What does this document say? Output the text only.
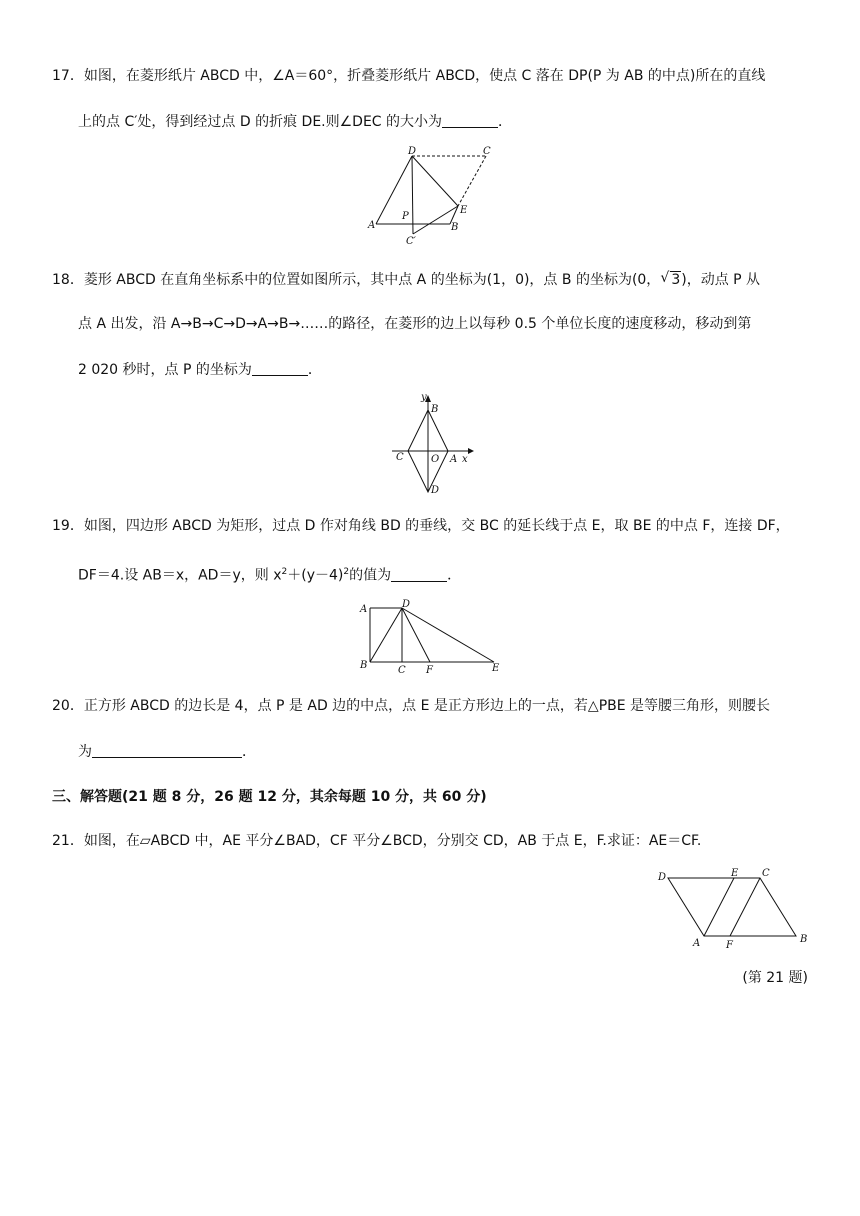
17．如图，在菱形纸片 ABCD 中，∠A＝60°，折叠菱形纸片 ABCD，使点 C 落在 DP(P 为 AB 的中点)所在的直线
上的点 C′处，得到经过点 D 的折痕 DE.则∠DEC 的大小为	．
D	C
A
P
E
B
C′
18．菱形 ABCD 在直角坐标系中的位置如图所示，其中点 A 的坐标为(1，0)，点 B 的坐标为(0， √ 3)，动点 P 从
点 A 出发，沿 A→B→C→D→A→B→……的路径，在菱形的边上以每秒 0.5 个单位长度的速度移动，移动到第
2 020 秒时，点 P 的坐标为	．
y
x
B
C	O A
D
19．如图，四边形 ABCD 为矩形，过点 D 作对角线 BD 的垂线，交 BC 的延长线于点 E，取 BE 的中点 F，连接 DF，
DF＝4.设 AB＝x，AD＝y，则 $x^2+(y-4)^2$的值为	．
A	D
B	C F	E
20．正方形 ABCD 的边长是 4，点 P 是 AD 边的中点，点 E 是正方形边上的一点，若△PBE 是等腰三角形，则腰长
为	．
三、解答题(21 题 8 分，26 题 12 分，其余每题 10 分，共 60 分)
21．如图，在▱ABCD 中，AE 平分∠BAD，CF 平分∠BCD，分别交 CD，AB 于点 E，F.求证：AE＝CF.
D	E C
A	F
B
(第 21 题)
